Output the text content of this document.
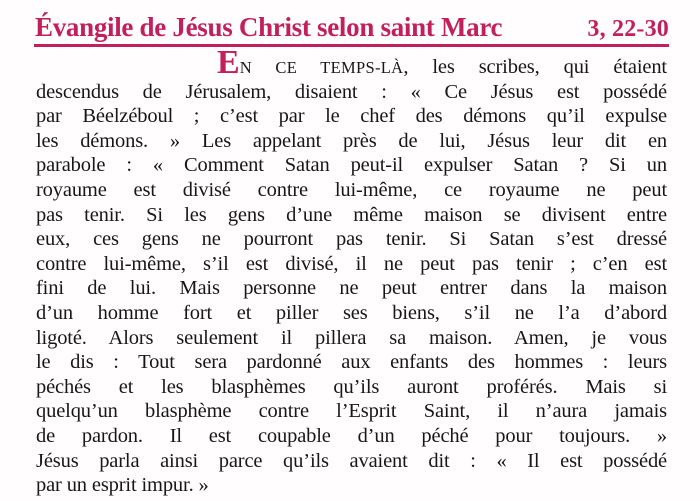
Évangile de Jésus Christ selon saint Marc	3, 22-30
EN CE TEMPS-LÀ, les scribes, qui étaient
descendus de Jérusalem, disaient : « Ce Jésus est possédé
par Béelzéboul ; c’est par le chef des démons qu’il expulse
les démons. » Les appelant près de lui, Jésus leur dit en
parabole : « Comment Satan peut-il expulser Satan ? Si un
royaume est divisé contre lui-même, ce royaume ne peut
pas tenir. Si les gens d’une même maison se divisent entre
eux, ces gens ne pourront pas tenir. Si Satan s’est dressé
contre lui-même, s’il est divisé, il ne peut pas tenir ; c’en est
fini de lui. Mais personne ne peut entrer dans la maison
d’un homme fort et piller ses biens, s’il ne l’a d’abord
ligoté. Alors seulement il pillera sa maison. Amen, je vous
le dis : Tout sera pardonné aux enfants des hommes : leurs
péchés et les blasphèmes qu’ils auront proférés. Mais si
quelqu’un blasphème contre l’Esprit Saint, il n’aura jamais
de pardon. Il est coupable d’un péché pour toujours. »
Jésus parla ainsi parce qu’ils avaient dit : « Il est possédé
par un esprit impur. »
